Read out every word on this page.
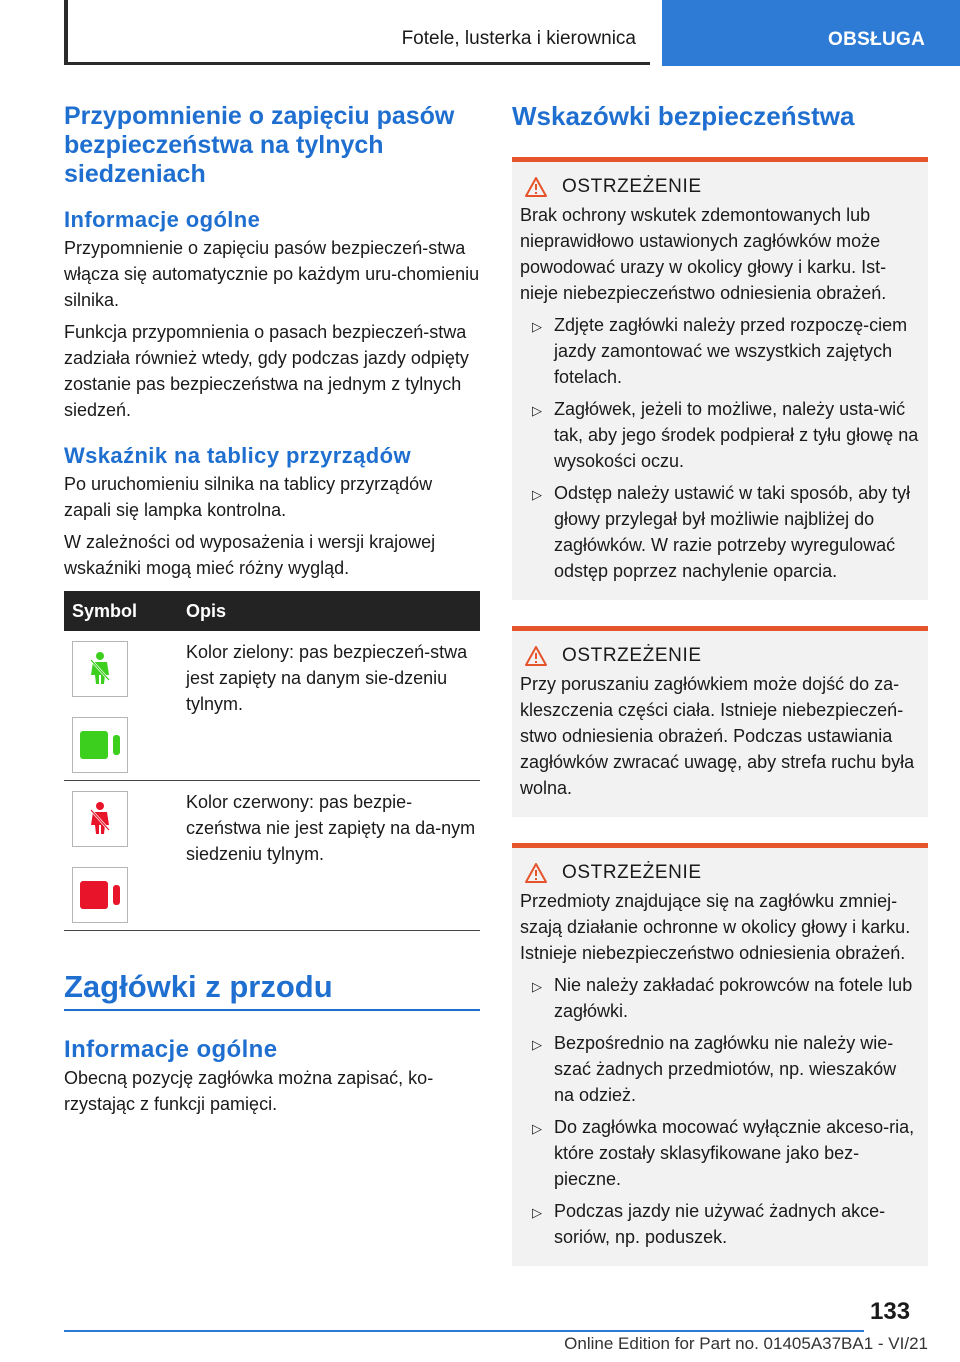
Fotele, lusterka i kierownica	OBSŁUGA
Przypomnienie o zapięciu pasów bezpieczeństwa na tylnych siedzeniach
Informacje ogólne

Przypomnienie o zapięciu pasów bezpieczeń-stwa włącza się automatycznie po każdym uru-chomieniu silnika.

Funkcja przypomnienia o pasach bezpieczeń-stwa zadziała również wtedy, gdy podczas jazdy odpięty zostanie pas bezpieczeństwa na jednym z tylnych siedzeń.

Wskaźnik na tablicy przyrządów

Po uruchomieniu silnika na tablicy przyrządów zapali się lampka kontrolna.

W zależności od wyposażenia i wersji krajowej wskaźniki mogą mieć różny wygląd.

Symbol	Opis
Kolor zielony: pas bezpieczeń-stwa jest zapięty na danym sie-dzeniu tylnym.
Kolor czerwony: pas bezpie-czeństwa nie jest zapięty na da-nym siedzeniu tylnym.
Zagłówki z przodu
Informacje ogólne

Obecną pozycję zagłówka można zapisać, ko-rzystając z funkcji pamięci.

Wskazówki bezpieczeństwa
OSTRZEŻENIE

Brak ochrony wskutek zdemontowanych lub nieprawidłowo ustawionych zagłówków może powodować urazy w okolicy głowy i karku. Ist-nieje niebezpieczeństwo odniesienia obrażeń.

▷ Zdjęte zagłówki należy przed rozpoczę-ciem jazdy zamontować we wszystkich zajętych fotelach.
▷ Zagłówek, jeżeli to możliwe, należy usta-wić tak, aby jego środek podpierał z tyłu głowę na wysokości oczu.
▷ Odstęp należy ustawić w taki sposób, aby tył głowy przylegał był możliwie najbliżej do zagłówków. W razie potrzeby wyregulować odstęp poprzez nachylenie oparcia.
OSTRZEŻENIE

Przy poruszaniu zagłówkiem może dojść do za-kleszczenia części ciała. Istnieje niebezpieczeń-stwo odniesienia obrażeń. Podczas ustawiania zagłówków zwracać uwagę, aby strefa ruchu była wolna.

OSTRZEŻENIE

Przedmioty znajdujące się na zagłówku zmniej-szają działanie ochronne w okolicy głowy i karku. Istnieje niebezpieczeństwo odniesienia obrażeń.

▷ Nie należy zakładać pokrowców na fotele lub zagłówki.
▷ Bezpośrednio na zagłówku nie należy wie-szać żadnych przedmiotów, np. wieszaków na odzież.
▷ Do zagłówka mocować wyłącznie akceso-ria, które zostały sklasyfikowane jako bez-pieczne.
▷ Podczas jazdy nie używać żadnych akce-soriów, np. poduszek.
133
Online Edition for Part no. 01405A37BA1 - VI/21
